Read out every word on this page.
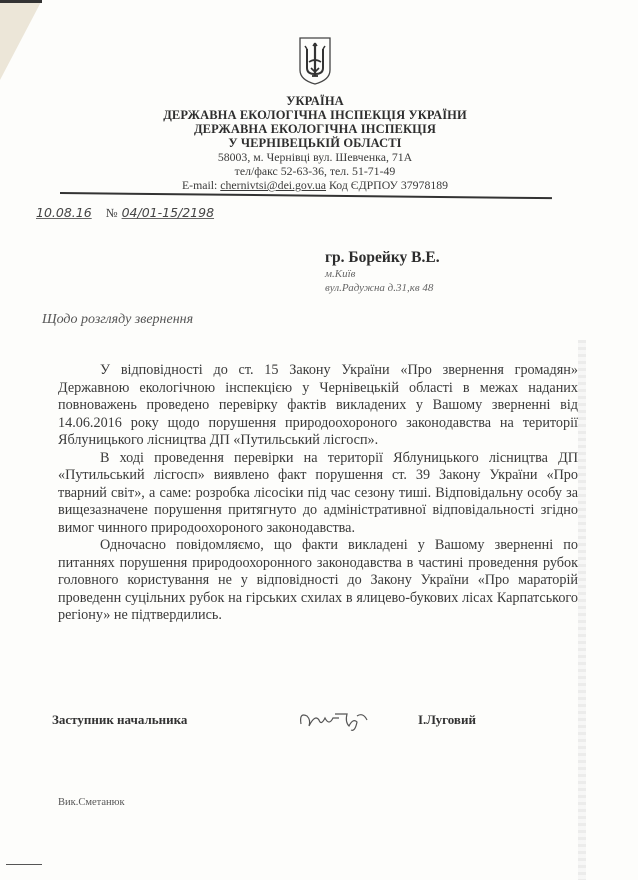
УКРАЇНА
ДЕРЖАВНА ЕКОЛОГІЧНА ІНСПЕКЦІЯ УКРАЇНИ
ДЕРЖАВНА ЕКОЛОГІЧНА ІНСПЕКЦІЯ
У ЧЕРНІВЕЦЬКІЙ ОБЛАСТІ
58003, м. Чернівці вул. Шевченка, 71А
тел/факс 52-63-36, тел. 51-71-49
E-mail: chernivtsi@dei.gov.ua Код ЄДРПОУ 37978189
10.08.16 № 04/01-15/2198
гр. Борейку В.Е.
м.Київ
вул.Радужна д.31,кв 48
Щодо розгляду звернення

У відповідності до ст. 15 Закону України «Про звернення громадян» Державною екологічною інспекцією у Чернівецькій області в межах наданих повноважень проведено перевірку фактів викладених у Вашому зверненні від 14.06.2016 року щодо порушення природоохороного законодавства на території Яблуницького лісництва ДП «Путильський лісгосп».

В ході проведення перевірки на території Яблуницького лісництва ДП «Путильський лісгосп» виявлено факт порушення ст. 39 Закону України «Про тварний світ», а саме: розробка лісосіки під час сезону тиші. Відповідальну особу за вищезазначене порушення притягнуто до адміністративної відповідальності згідно вимог чинного природоохороного законодавства.

Одночасно повідомляємо, що факти викладені у Вашому зверненні по питаннях порушення природоохоронного законодавства в частині проведення рубок головного користування не у відповідності до Закону України «Про мараторій проведенн суцільних рубок на гірських схилах в ялицево-букових лісах Карпатського регіону» не підтвердились.

Заступник начальника	І.Луговий
Вик.Сметанюк
